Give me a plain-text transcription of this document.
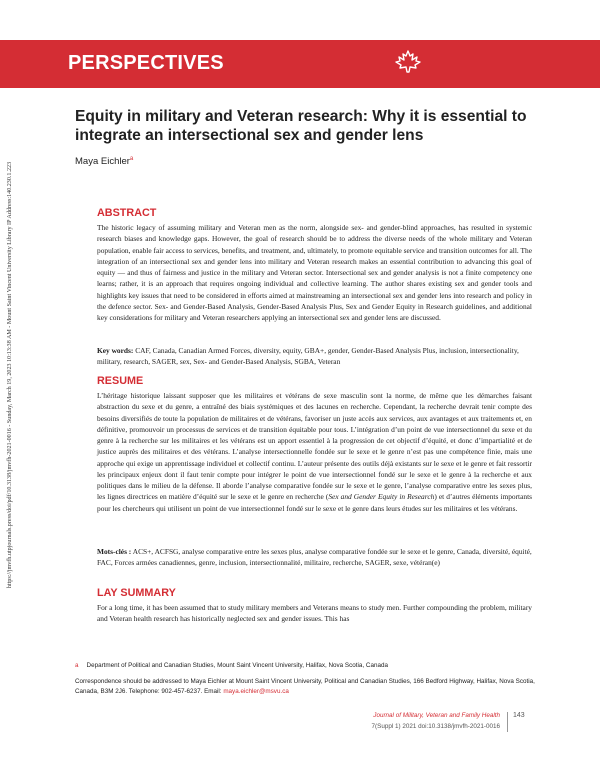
https://jmvfh.utpjournals.press/doi/pdf/10.3138/jmvfh-2021-0016 - Sunday, March 19, 2023 10:13:38 AM - Mount Saint Vincent University Library IP Address:140.230.1.223
PERSPECTIVES
Equity in military and Veteran research: Why it is essential to integrate an intersectional sex and gender lens
Maya Eichler$^a$
ABSTRACT
The historic legacy of assuming military and Veteran men as the norm, alongside sex- and gender-blind approaches, has resulted in systemic research biases and knowledge gaps. However, the goal of research should be to address the diverse needs of the whole military and Veteran population, enable fair access to services, benefits, and treatment, and, ultimately, to promote equitable service and transition outcomes for all. The integration of an intersectional sex and gender lens into military and Veteran research makes an essential contribution to advancing this goal of equity — and thus of fairness and justice in the military and Veteran sector. Intersectional sex and gender analysis is not a finite competency one learns; rather, it is an approach that requires ongoing individual and collective learning. The author shares existing sex and gender tools and highlights key issues that need to be considered in efforts aimed at mainstreaming an intersectional sex and gender lens into research and policy in the defence sector. Sex- and Gender-Based Analysis, Gender-Based Analysis Plus, Sex and Gender Equity in Research guidelines, and additional key considerations for military and Veteran researchers applying an intersectional sex and gender lens are discussed.
Key words: CAF, Canada, Canadian Armed Forces, diversity, equity, GBA+, gender, Gender-Based Analysis Plus, inclusion, intersectionality, military, research, SAGER, sex, Sex- and Gender-Based Analysis, SGBA, Veteran
RESUME
L’héritage historique laissant supposer que les militaires et vétérans de sexe masculin sont la norme, de même que les démarches faisant abstraction du sexe et du genre, a entraîné des biais systémiques et des lacunes en recherche. Cependant, la recherche devrait tenir compte des besoins diversifiés de toute la population de militaires et de vétérans, favoriser un juste accès aux services, aux avantages et aux traitements et, en définitive, promouvoir un processus de services et de transition équitable pour tous. L’intégration d’un point de vue intersectionnel du sexe et du genre à la recherche sur les militaires et les vétérans est un apport essentiel à la progression de cet objectif d’équité, et donc d’impartialité et de justice auprès des militaires et des vétérans. L’analyse intersectionnelle fondée sur le sexe et le genre n’est pas une compétence finie, mais une approche qui exige un apprentissage individuel et collectif continu. L’auteur présente des outils déjà existants sur le sexe et le genre et fait ressortir les principaux enjeux dont il faut tenir compte pour intégrer le point de vue intersectionnel fondé sur le sexe et le genre à la recherche et aux politiques dans le milieu de la défense. Il aborde l’analyse comparative fondée sur le sexe et le genre, l’analyse comparative entre les sexes plus, les lignes directrices en matière d’équité sur le sexe et le genre en recherche (Sex and Gender Equity in Research) et d’autres éléments importants pour les chercheurs qui utilisent un point de vue intersectionnel fondé sur le sexe et le genre dans leurs études sur les militaires et les vétérans.
Mots-clés : ACS+, ACFSG, analyse comparative entre les sexes plus, analyse comparative fondée sur le sexe et le genre, Canada, diversité, équité, FAC, Forces armées canadiennes, genre, inclusion, intersectionnalité, militaire, recherche, SAGER, sexe, vétéran(e)
LAY SUMMARY
For a long time, it has been assumed that to study military members and Veterans means to study men. Further compounding the problem, military and Veteran health research has historically neglected sex and gender issues. This has
a Department of Political and Canadian Studies, Mount Saint Vincent University, Halifax, Nova Scotia, Canada
Correspondence should be addressed to Maya Eichler at Mount Saint Vincent University, Political and Canadian Studies, 166 Bedford Highway, Halifax, Nova Scotia, Canada, B3M 2J6. Telephone: 902-457-6237. Email: maya.eichler@msvu.ca
Journal of Military, Veteran and Family Health
7(Suppl 1) 2021 doi:10.3138/jmvfh-2021-0016
143
